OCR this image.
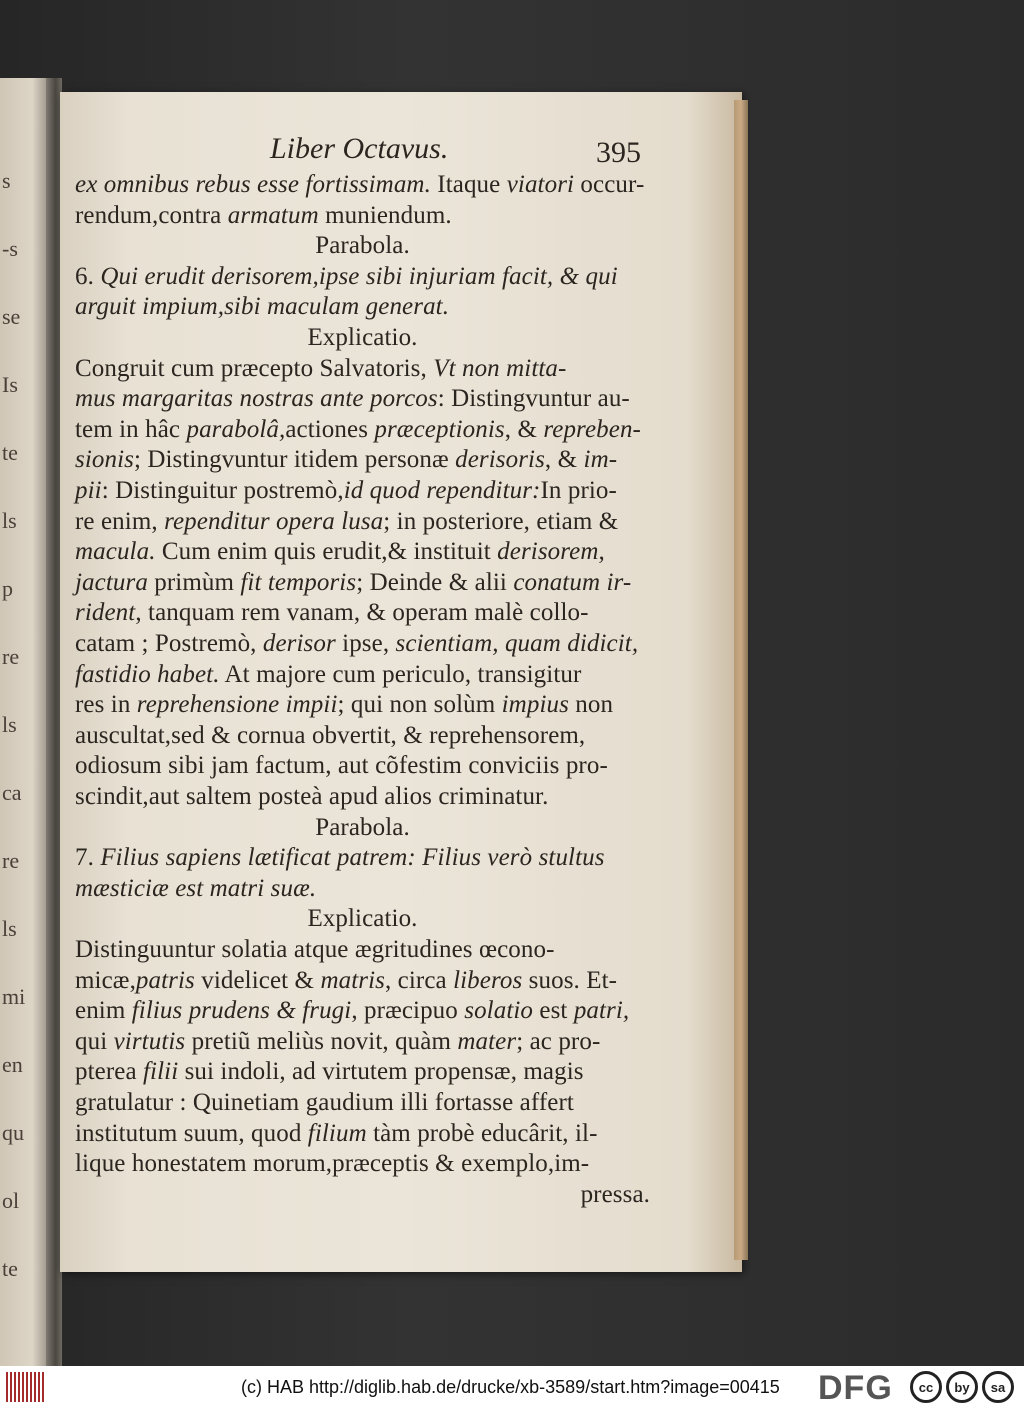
s
-s
se
Is
te
ls
p
re
ls
ca
re
ls
mi
en
qu
ol
te
Liber Octavus.	395
ex omnibus rebus esse fortissimam. Itaque viatori occur-
rendum,contra armatum muniendum.
Parabola.
6. Qui erudit derisorem,ipse sibi injuriam facit, & qui
arguit impium,sibi maculam generat.
Explicatio.
Congruit cum præcepto Salvatoris, Vt non mitta-
mus margaritas nostras ante porcos: Distingvuntur au-
tem in hâc parabolâ,actiones præceptionis, & repreben-
sionis; Distingvuntur itidem personæ derisoris, & im-
pii: Distinguitur postremò,id quod rependitur:In prio-
re enim, rependitur opera lusa; in posteriore, etiam &
macula. Cum enim quis erudit,& instituit derisorem,
jactura primùm fit temporis; Deinde & alii conatum ir-
rident, tanquam rem vanam, & operam malè collo-
catam ; Postremò, derisor ipse, scientiam, quam didicit,
fastidio habet. At majore cum periculo, transigitur
res in reprehensione impii; qui non solùm impius non
auscultat,sed & cornua obvertit, & reprehensorem,
odiosum sibi jam factum, aut cõfestim conviciis pro-
scindit,aut saltem posteà apud alios criminatur.
Parabola.
7. Filius sapiens lætificat patrem: Filius verò stultus
mæsticiæ est matri suæ.
Explicatio.
Distinguuntur solatia atque ægritudines œcono-
micæ,patris videlicet & matris, circa liberos suos. Et-
enim filius prudens & frugi, præcipuo solatio est patri,
qui virtutis pretiũ meliùs novit, quàm mater; ac pro-
pterea filii sui indoli, ad virtutem propensæ, magis
gratulatur : Quinetiam gaudium illi fortasse affert
institutum suum, quod filium tàm probè educârit, il-
lique honestatem morum,præceptis & exemplo,im-
pressa.
(c) HAB http://diglib.hab.de/drucke/xb-3589/start.htm?image=00415 DFG	cc	by	sa
